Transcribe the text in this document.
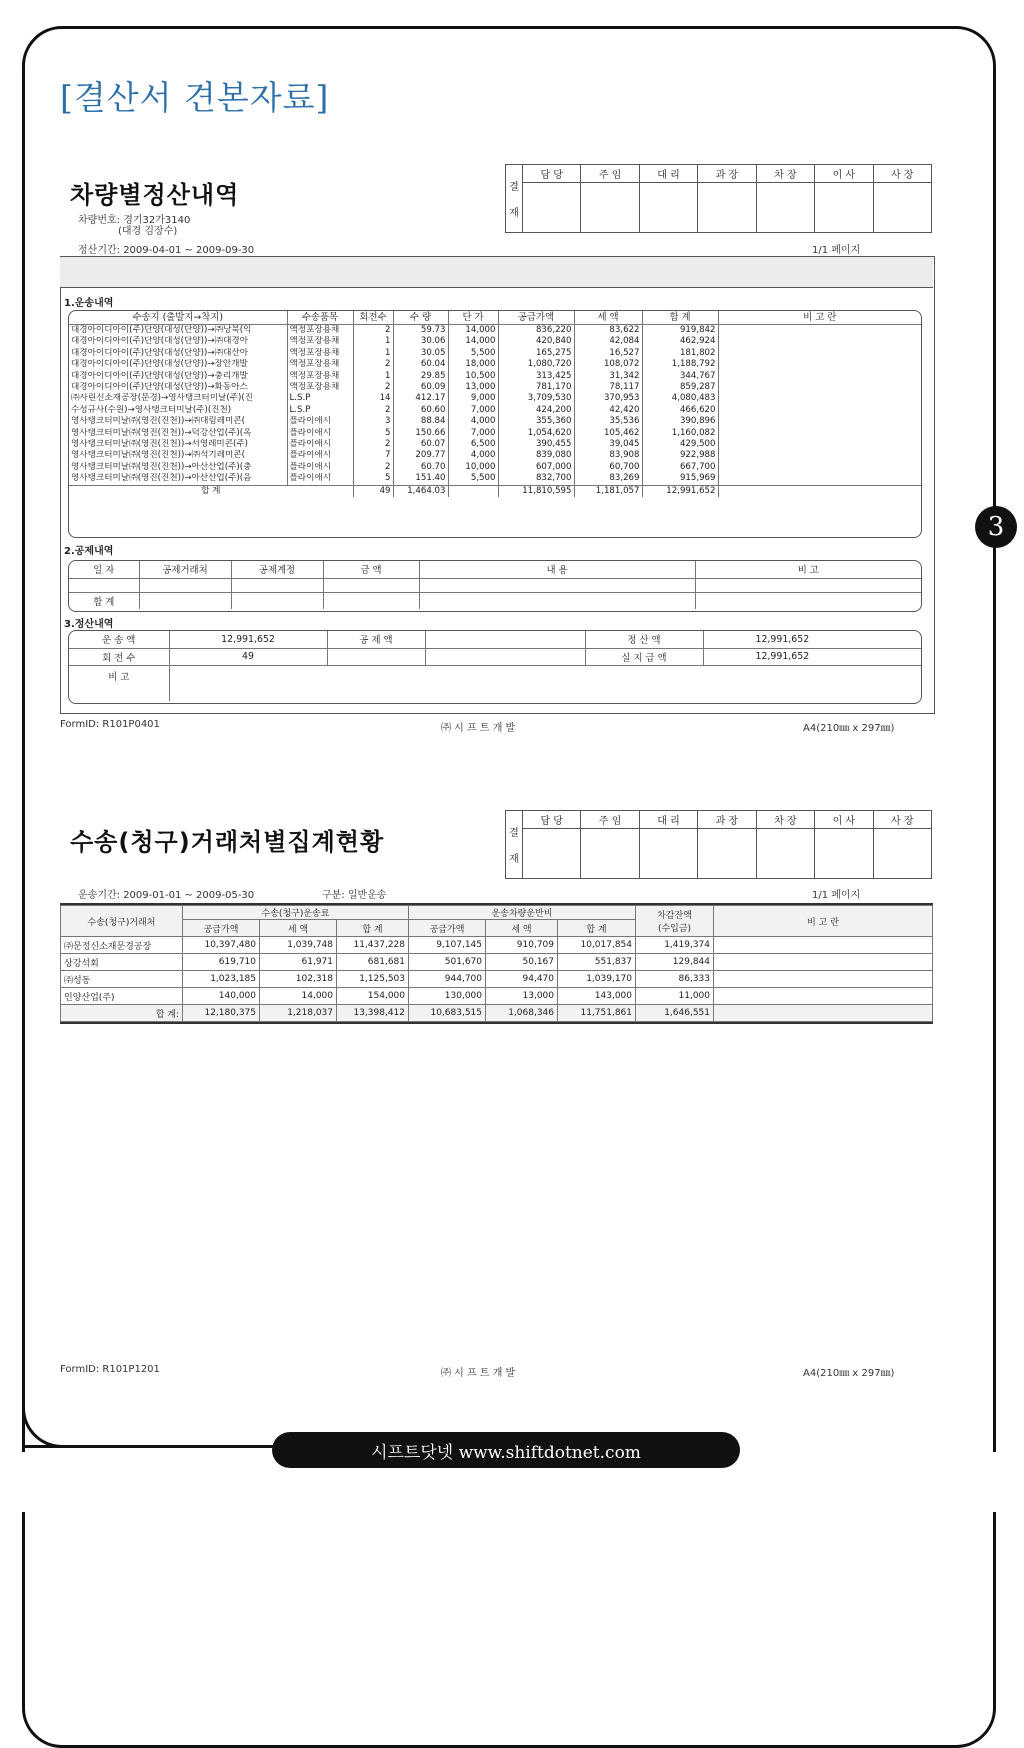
[결산서 견본자료]
3
차량별정산내역
차량번호: 경기32가3140
(대경 김장수)
정산기간: 2009-04-01 ~ 2009-09-30	1/1 페이지
결

재	담 당	주 임	대 리	과 장	차 장	이 사	사 장

1.운송내역
수송지 (출발지→착지)	수송품목	회전수	수 량	단 가	공급가액	세 액	합 계	비 고 란
대경아이디아이(주)단양(대성(단양))→㈜낭북(익	액정포장용채	2	59.73	14,000	836,220	83,622	919,842	
대경아이디아이(주)단양(대성(단양))→㈜대경아	액정포장용채	1	30.06	14,000	420,840	42,084	462,924	
대경아이디아이(주)단양(대성(단양))→㈜대산아	액정포장용채	1	30.05	5,500	165,275	16,527	181,802	
대경아이디아이(주)단양(대성(단양))→장안개발	액정포장용채	2	60.04	18,000	1,080,720	108,072	1,188,792	
대경아이디아이(주)단양(대성(단양))→충리개발	액정포장용채	1	29.85	10,500	313,425	31,342	344,767	
대경아이디아이(주)단양(대성(단양))→화동아스	액정포장용채	2	60.09	13,000	781,170	78,117	859,287	
㈜사린신소재공장(문경)→영사탱크터미날(주)(진	L.S.P	14	412.17	9,000	3,709,530	370,953	4,080,483	
수성규사(수원)→영사탱크터미날(주)(진천)	L.S.P	2	60.60	7,000	424,200	42,420	466,620	
영사탱크터미날㈜(영진(진천))→㈜대림레미콘(	플라이애시	3	88.84	4,000	355,360	35,536	390,896	
영사탱크터미날㈜(영진(진천))→덕강산업(주)(옥	플라이애시	5	150.66	7,000	1,054,620	105,462	1,160,082	
영사탱크터미날㈜(영진(진천))→서영레미콘(주)	플라이애시	2	60.07	6,500	390,455	39,045	429,500	
영사탱크터미날㈜(영진(진천))→㈜석기레미콘(	플라이애시	7	209.77	4,000	839,080	83,908	922,988	
영사탱크터미날㈜(영진(진천))→아산산업(주)(충	플라이애시	2	60.70	10,000	607,000	60,700	667,700	
영사탱크터미날㈜(영진(진천))→아산산업(주)(음	플라이애시	5	151.40	5,500	832,700	83,269	915,969	
합 계		49	1,464.03		11,810,595	1,181,057	12,991,652	
2.공제내역
일 자	공제거래처	공제계정	금 액	내 용	비 고

합 계					
3.정산내역
운 송 액	12,991,652	공 제 액		정 산 액	12,991,652
회 전 수	49			실 지 급 액	12,991,652
비 고					
FormID: R101P0401	㈜ 시 프 트 개 발	A4(210㎜ x 297㎜)
수송(청구)거래처별집계현황	결

재	담 당	주 임	대 리	과 장	차 장	이 사	사 장

운송기간: 2009-01-01 ~ 2009-05-30	구분: 일반운송	1/1 페이지
수송(청구)거래처	수송(청구)운송료			운송차량운반비			차감잔액
(수입금)	비 고 란
	공급가액	세 액	합 계	공급가액	세 액	합 계		
㈜문정신소재문경공장	10,397,480	1,039,748	11,437,228	9,107,145	910,709	10,017,854	1,419,374	
상강석회	619,710	61,971	681,681	501,670	50,167	551,837	129,844	
㈜성동	1,023,185	102,318	1,125,503	944,700	94,470	1,039,170	86,333	
인양산업(주)	140,000	14,000	154,000	130,000	13,000	143,000	11,000	
합 계:	12,180,375	1,218,037	13,398,412	10,683,515	1,068,346	11,751,861	1,646,551	
FormID: R101P1201	㈜ 시 프 트 개 발	A4(210㎜ x 297㎜)
시프트닷넷 www.shiftdotnet.com
